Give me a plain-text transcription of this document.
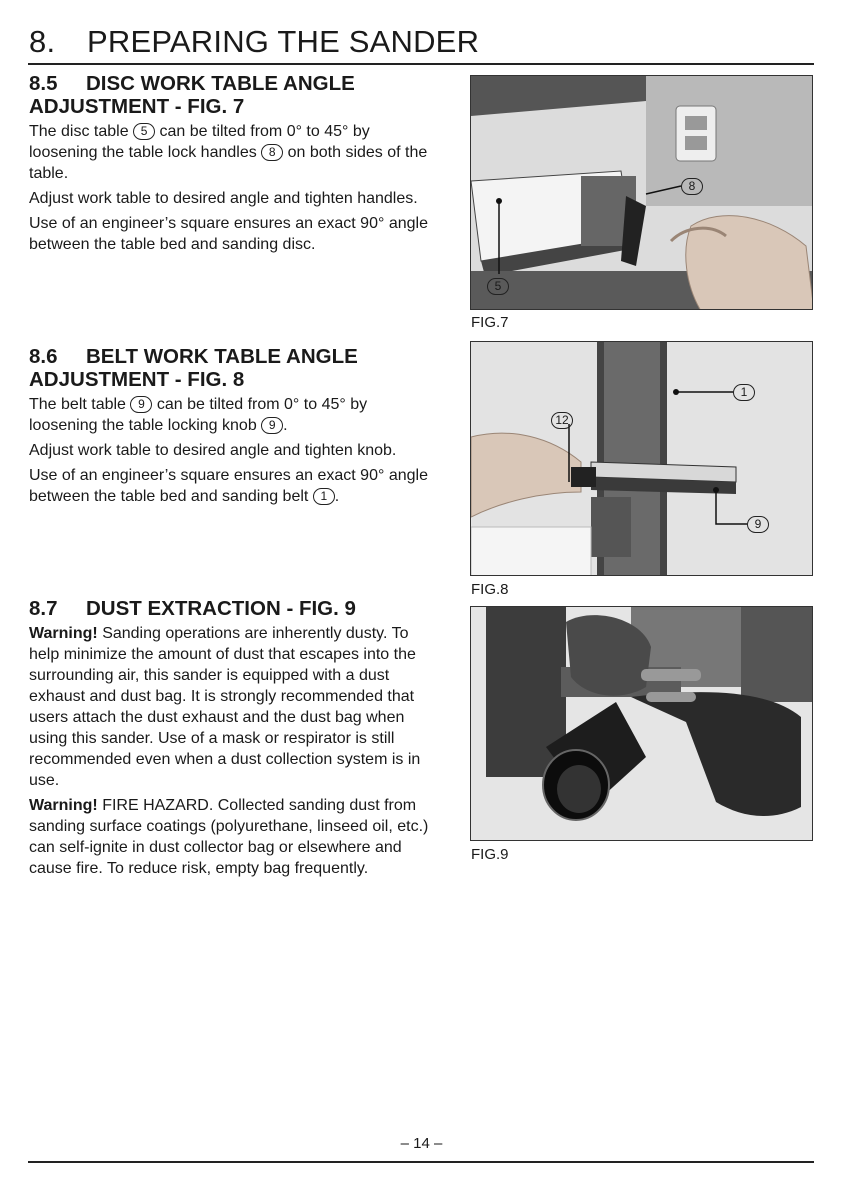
8. PREPARING THE SANDER
8.5 DISC WORK TABLE ANGLE
ADJUSTMENT - FIG. 7

The disc table 5 can be tilted from 0° to 45° by loosening the table lock handles 8 on both sides of the table.

Adjust work table to desired angle and tighten handles.

Use of an engineer’s square ensures an exact 90° angle between the table bed and sanding disc.

8.6 BELT WORK TABLE ANGLE
ADJUSTMENT - FIG. 8

The belt table 9 can be tilted from 0° to 45° by loosening the table locking knob 9 .

Adjust work table to desired angle and tighten knob.

Use of an engineer’s square ensures an exact 90° angle between the table bed and sanding belt 1 .

8.7 DUST EXTRACTION - FIG. 9

Warning! Sanding operations are inherently dusty. To help minimize the amount of dust that escapes into the surrounding air, this sander is equipped with a dust exhaust and dust bag. It is strongly recommended that users attach the dust exhaust and the dust bag when using this sander. Use of a mask or respirator is still recommended even when a dust collection system is in use.

Warning! FIRE HAZARD. Collected sanding dust from sanding surface coatings (polyurethane, linseed oil, etc.) can self-ignite in dust collector bag or elsewhere and cause fire. To reduce risk, empty bag frequently.

8
5
FIG.7
1
12
9
FIG.8
FIG.9
– 14 –
